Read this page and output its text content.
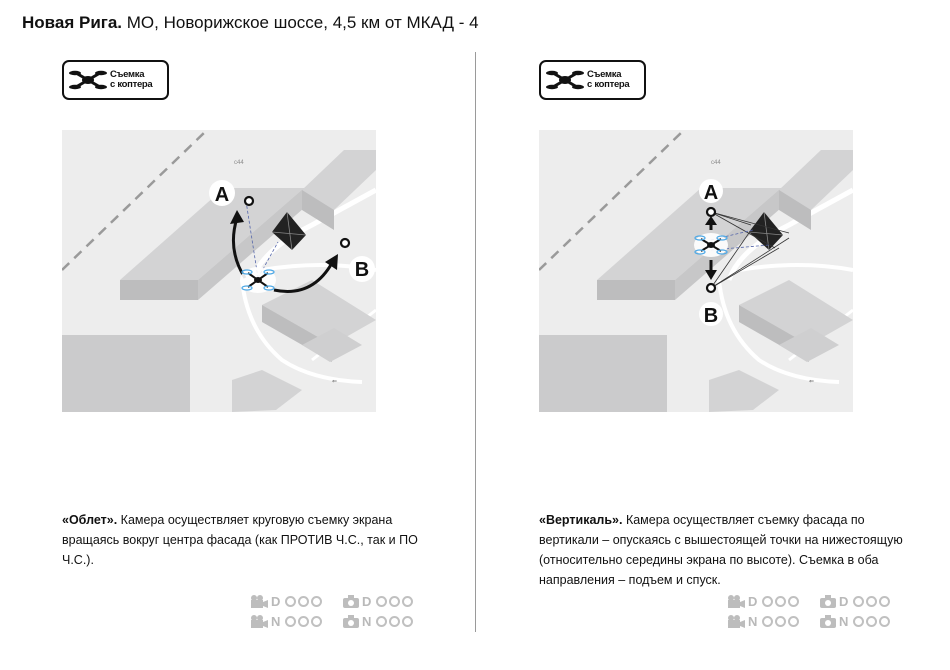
Новая Рига. МО, Новорижское шоссе, 4,5 км от МКАД - 4
Съемка
с коптера
с44
⇐
A
B
«Облет». Камера осуществляет круговую съемку экрана вращаясь вокруг центра фасада (как ПРОТИВ Ч.С., так и ПО Ч.С.).
D
N
D
N
Съемка
с коптера
с44
⇐
A
B
«Вертикаль». Камера осуществляет съемку фасада по вертикали – опускаясь с вышестоящей точки на нижестоящую (относительно середины экрана по высоте). Съемка в оба направления – подъем и спуск.
D
N
D
N
